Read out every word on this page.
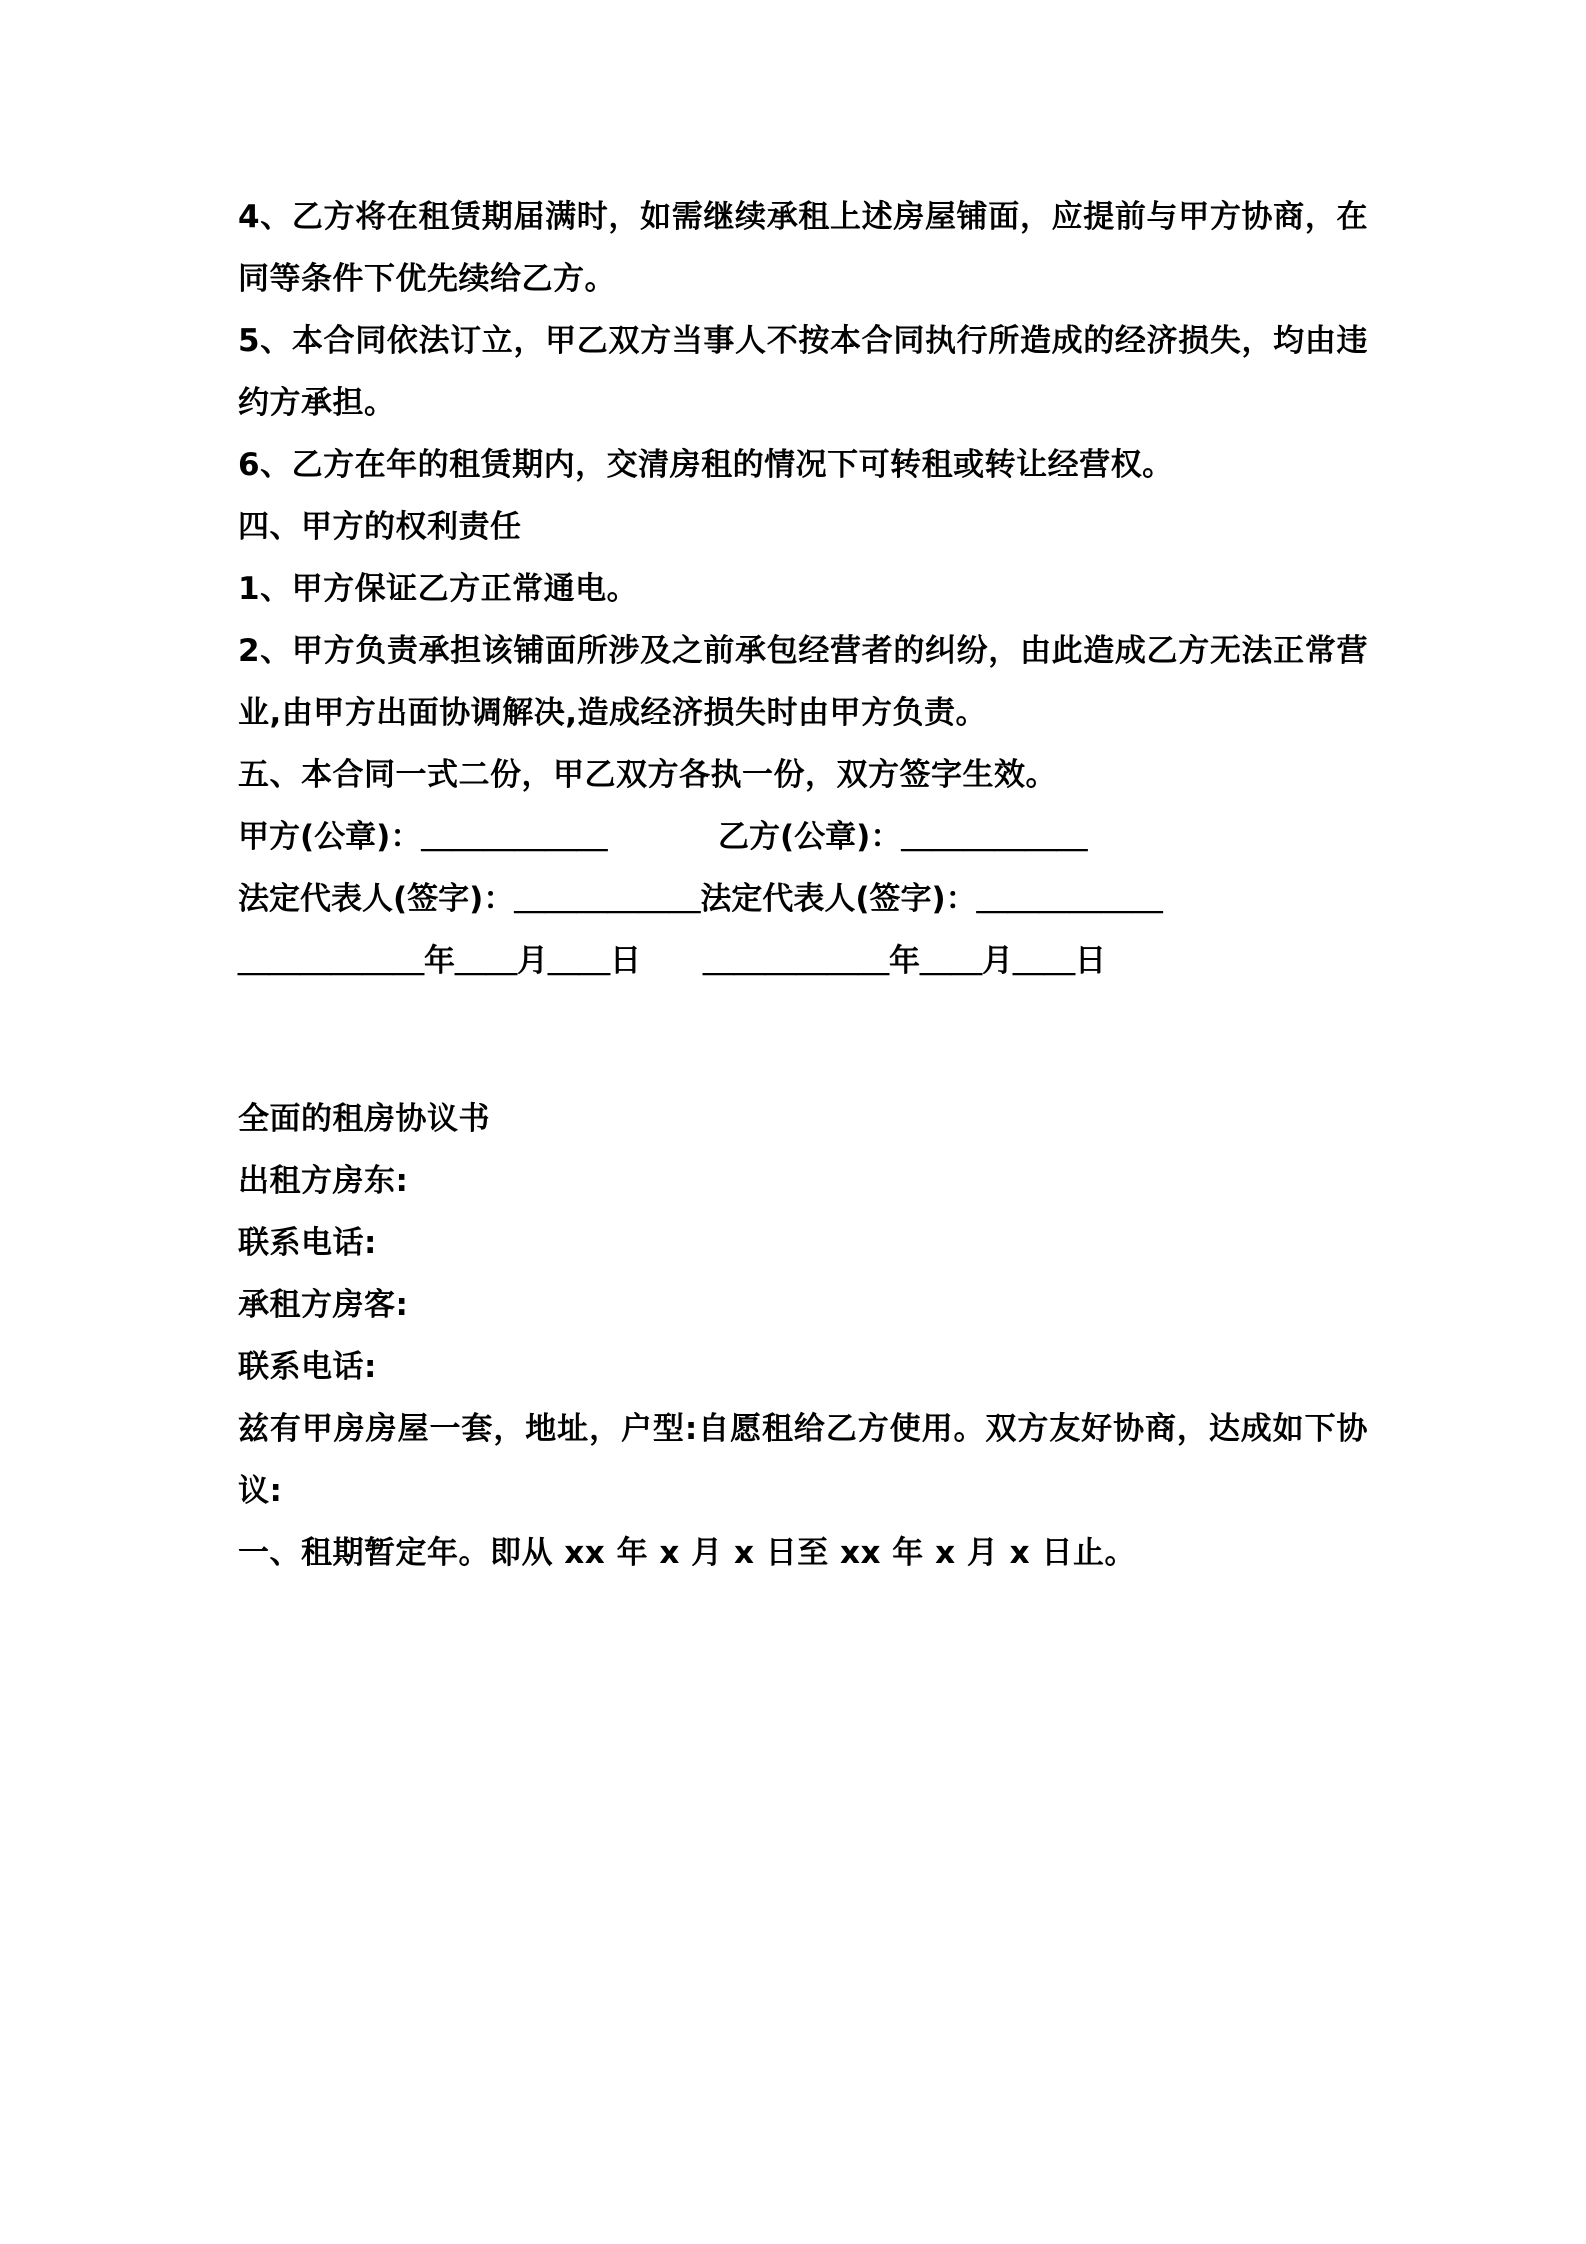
4、乙方将在租赁期届满时，如需继续承租上述房屋铺面，应提前与甲方协商，在同等条件下优先续给乙方。

5、本合同依法订立，甲乙双方当事人不按本合同执行所造成的经济损失，均由违约方承担。

6、乙方在年的租赁期内，交清房租的情况下可转租或转让经营权。

四、甲方的权利责任

1、甲方保证乙方正常通电。

2、甲方负责承担该铺面所涉及之前承包经营者的纠纷，由此造成乙方无法正常营业,由甲方出面协调解决,造成经济损失时由甲方负责。

五、本合同一式二份，甲乙双方各执一份，双方签字生效。

甲方(公章)：＿＿＿＿＿＿	乙方(公章)：＿＿＿＿＿＿

法定代表人(签字)：＿＿＿＿＿＿法定代表人(签字)：＿＿＿＿＿＿

＿＿＿＿＿＿年＿＿月＿＿日　　＿＿＿＿＿＿年＿＿月＿＿日

全面的租房协议书

出租方房东:

联系电话:

承租方房客:

联系电话:

兹有甲房房屋一套，地址，户型:自愿租给乙方使用。双方友好协商，达成如下协议:

一、租期暂定年。即从 xx 年 x 月 x 日至 xx 年 x 月 x 日止。
